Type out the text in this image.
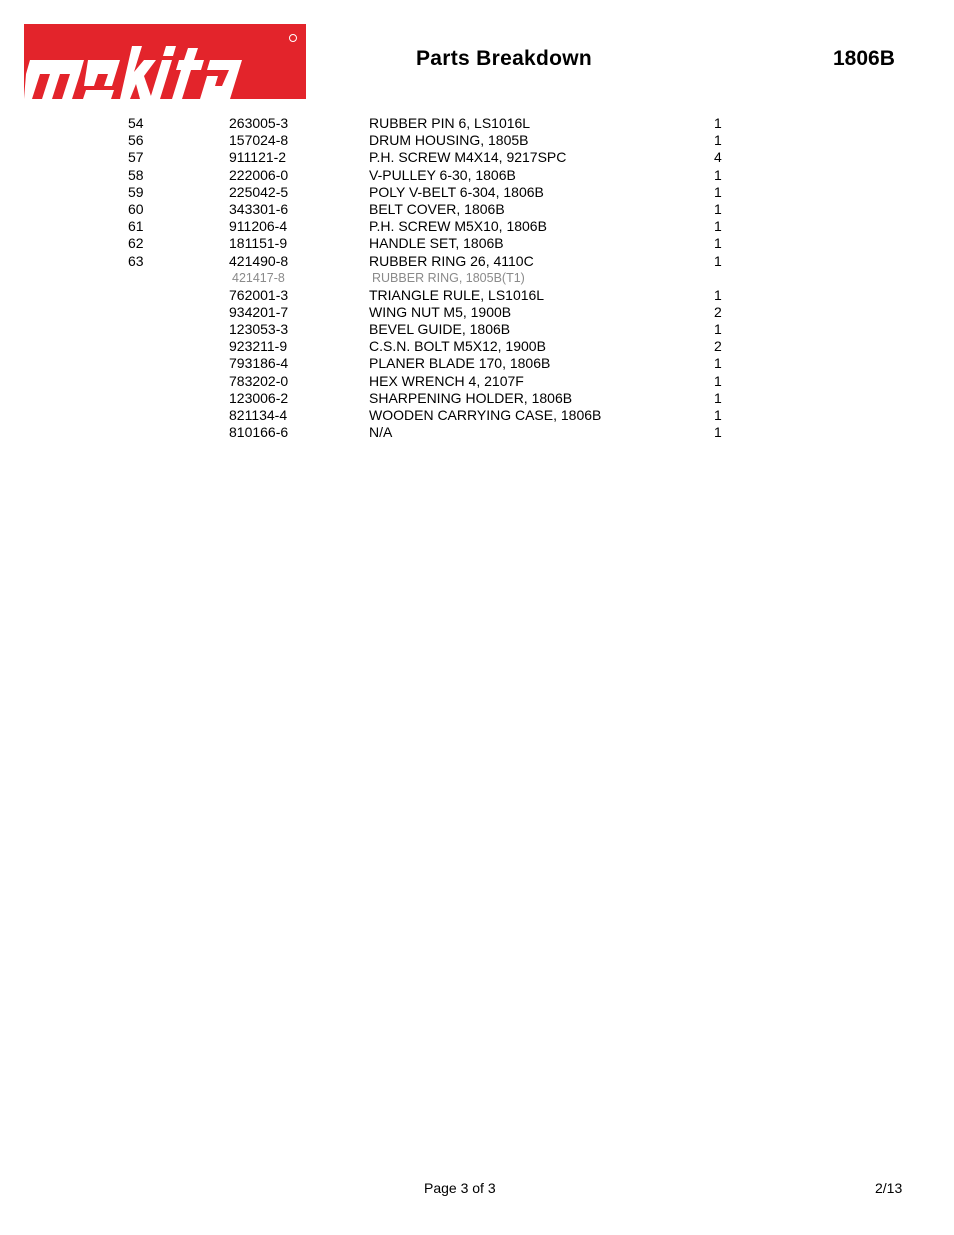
Parts Breakdown	1806B
54	263005-3	RUBBER PIN 6, LS1016L	1
56	157024-8	DRUM HOUSING, 1805B	1
57	911121-2	P.H. SCREW M4X14, 9217SPC	4
58	222006-0	V-PULLEY 6-30, 1806B	1
59	225042-5	POLY V-BELT 6-304, 1806B	1
60	343301-6	BELT COVER, 1806B	1
61	911206-4	P.H. SCREW M5X10, 1806B	1
62	181151-9	HANDLE SET, 1806B	1
63	421490-8	RUBBER RING 26, 4110C	1
421417-8	RUBBER RING, 1805B(T1)
762001-3	TRIANGLE RULE, LS1016L	1
934201-7	WING NUT M5, 1900B	2
123053-3	BEVEL GUIDE, 1806B	1
923211-9	C.S.N. BOLT M5X12, 1900B	2
793186-4	PLANER BLADE 170, 1806B	1
783202-0	HEX WRENCH 4, 2107F	1
123006-2	SHARPENING HOLDER, 1806B	1
821134-4	WOODEN CARRYING CASE, 1806B	1
810166-6	N/A	1
Page 3 of 3	2/13
